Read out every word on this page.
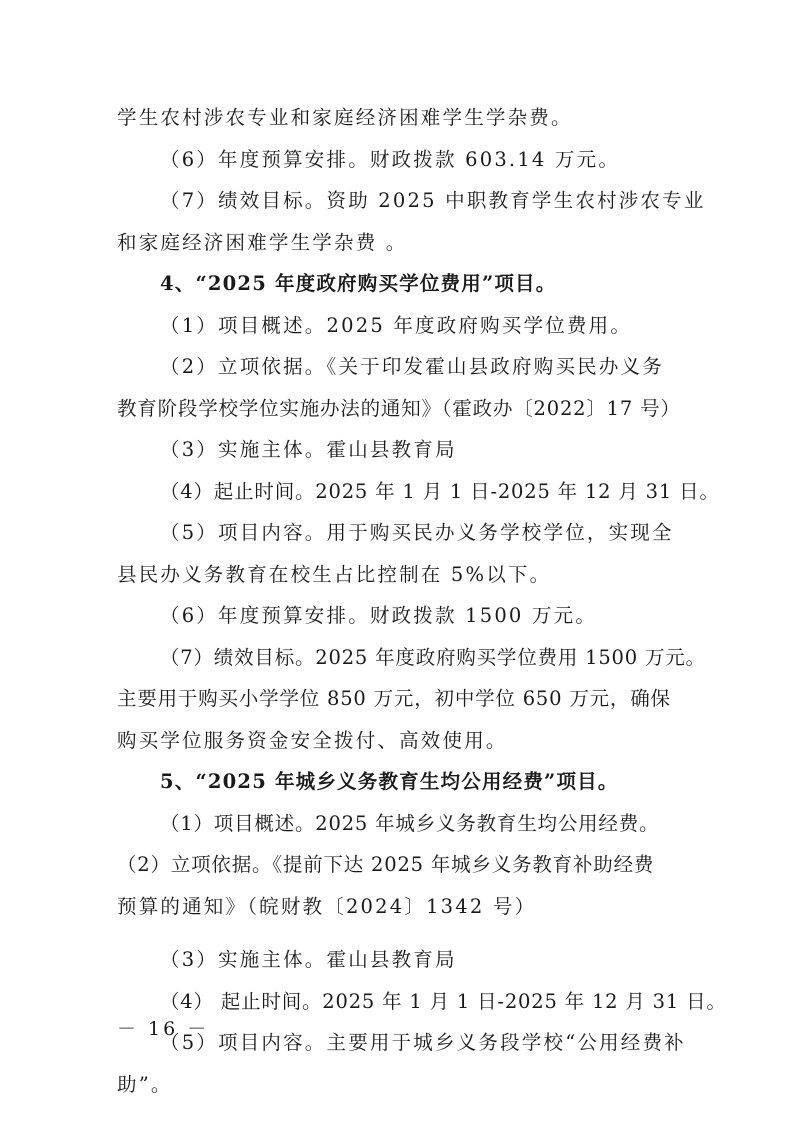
学生农村涉农专业和家庭经济困难学生学杂费。
（6）年度预算安排。财政拨款 603.14 万元。
（7）绩效目标。资助 2025 中职教育学生农村涉农专业
和家庭经济困难学生学杂费 。
4、“2025 年度政府购买学位费用”项目。
（1）项目概述。2025 年度政府购买学位费用。
（2）立项依据。《关于印发霍山县政府购买民办义务
教育阶段学校学位实施办法的通知》（霍政办〔2022〕17 号）
（3）实施主体。霍山县教育局
（4）起止时间。2025 年 1 月 1 日-2025 年 12 月 31 日。
（5）项目内容。用于购买民办义务学校学位，实现全
县民办义务教育在校生占比控制在 5%以下。
（6）年度预算安排。财政拨款 1500 万元。
（7）绩效目标。2025 年度政府购买学位费用 1500 万元。
主要用于购买小学学位 850 万元，初中学位 650 万元，确保
购买学位服务资金安全拨付、高效使用。
5、“2025 年城乡义务教育生均公用经费”项目。
（1）项目概述。2025 年城乡义务教育生均公用经费。
（2）立项依据。《提前下达 2025 年城乡义务教育补助经费
预算的通知》（皖财教〔2024〕1342 号）
（3）实施主体。霍山县教育局
（4） 起止时间。2025 年 1 月 1 日-2025 年 12 月 31 日。
（5）项目内容。主要用于城乡义务段学校“公用经费补
助”。
－ 16 －
